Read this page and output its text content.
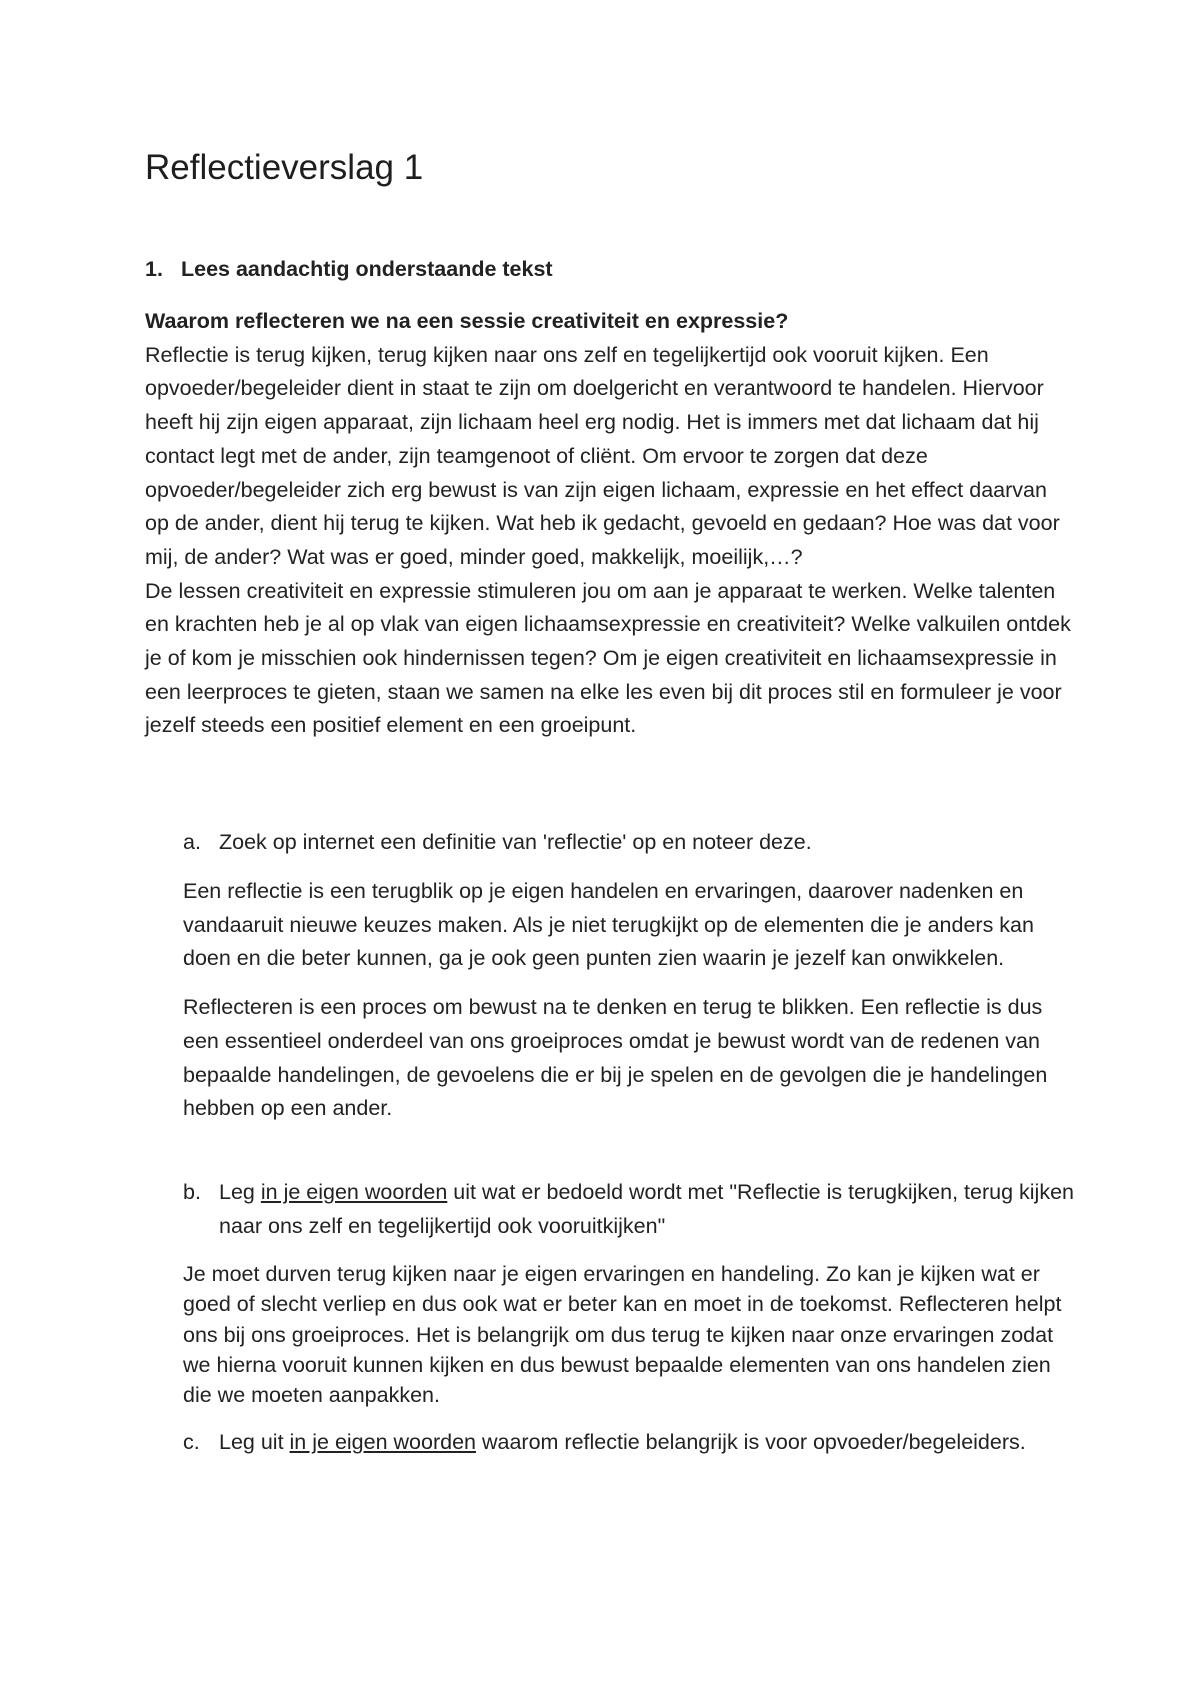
Reflectieverslag 1
1. Lees aandachtig onderstaande tekst

Waarom reflecteren we na een sessie creativiteit en expressie?

Reflectie is terug kijken, terug kijken naar ons zelf en tegelijkertijd ook vooruit kijken. Een opvoeder/begeleider dient in staat te zijn om doelgericht en verantwoord te handelen. Hiervoor heeft hij zijn eigen apparaat, zijn lichaam heel erg nodig. Het is immers met dat lichaam dat hij contact legt met de ander, zijn teamgenoot of cliënt. Om ervoor te zorgen dat deze opvoeder/begeleider zich erg bewust is van zijn eigen lichaam, expressie en het effect daarvan op de ander, dient hij terug te kijken. Wat heb ik gedacht, gevoeld en gedaan? Hoe was dat voor mij, de ander? Wat was er goed, minder goed, makkelijk, moeilijk,…?

De lessen creativiteit en expressie stimuleren jou om aan je apparaat te werken. Welke talenten en krachten heb je al op vlak van eigen lichaamsexpressie en creativiteit? Welke valkuilen ontdek je of kom je misschien ook hindernissen tegen? Om je eigen creativiteit en lichaamsexpressie in een leerproces te gieten, staan we samen na elke les even bij dit proces stil en formuleer je voor jezelf steeds een positief element en een groeipunt.

a. Zoek op internet een definitie van 'reflectie' op en noteer deze.

Een reflectie is een terugblik op je eigen handelen en ervaringen, daarover nadenken en vandaaruit nieuwe keuzes maken. Als je niet terugkijkt op de elementen die je anders kan doen en die beter kunnen, ga je ook geen punten zien waarin je jezelf kan onwikkelen.

Reflecteren is een proces om bewust na te denken en terug te blikken. Een reflectie is dus een essentieel onderdeel van ons groeiproces omdat je bewust wordt van de redenen van bepaalde handelingen, de gevoelens die er bij je spelen en de gevolgen die je handelingen hebben op een ander.

b. Leg in je eigen woorden uit wat er bedoeld wordt met "Reflectie is terugkijken, terug kijken naar ons zelf en tegelijkertijd ook vooruitkijken"

Je moet durven terug kijken naar je eigen ervaringen en handeling. Zo kan je kijken wat er goed of slecht verliep en dus ook wat er beter kan en moet in de toekomst. Reflecteren helpt ons bij ons groeiproces. Het is belangrijk om dus terug te kijken naar onze ervaringen zodat we hierna vooruit kunnen kijken en dus bewust bepaalde elementen van ons handelen zien die we moeten aanpakken.

c. Leg uit in je eigen woorden waarom reflectie belangrijk is voor opvoeder/begeleiders.
